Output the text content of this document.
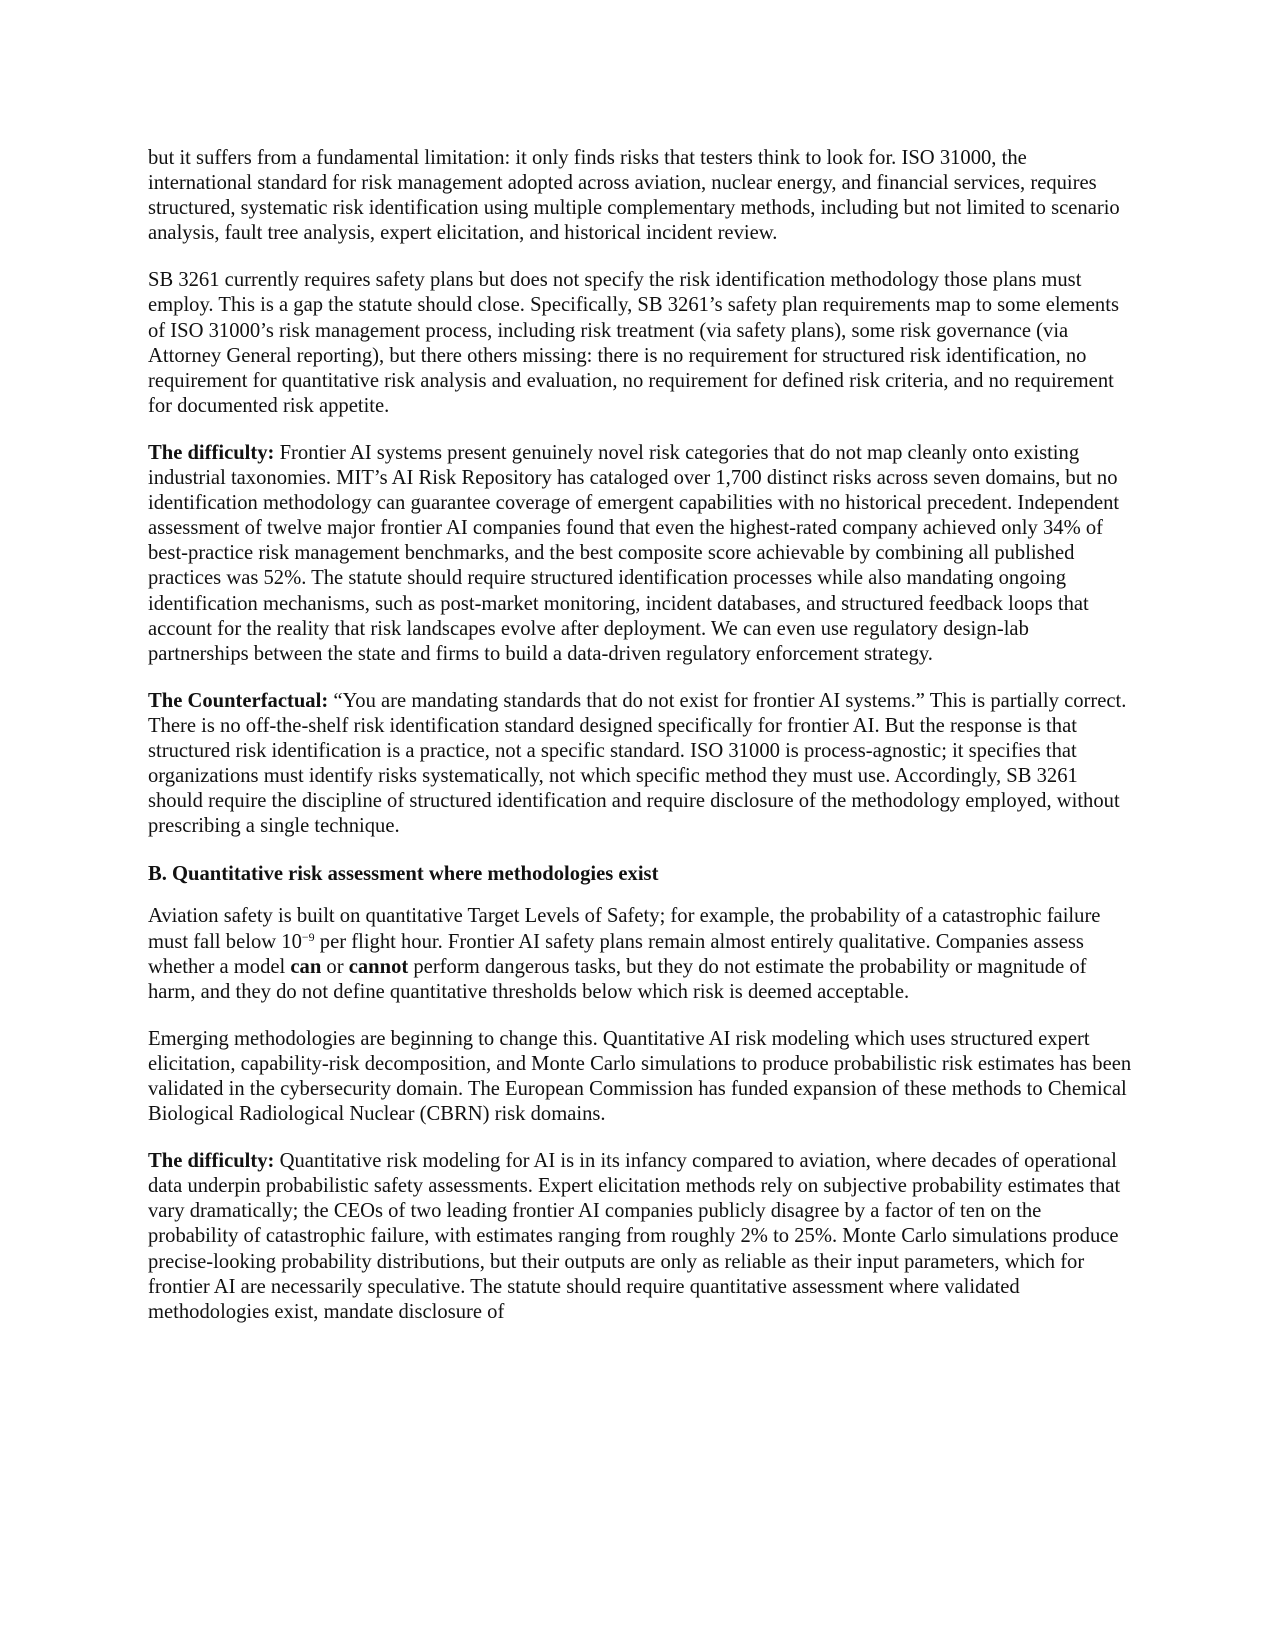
but it suffers from a fundamental limitation: it only finds risks that testers think to look for. ISO 31000, the international standard for risk management adopted across aviation, nuclear energy, and financial services, requires structured, systematic risk identification using multiple complementary methods, including but not limited to scenario analysis, fault tree analysis, expert elicitation, and historical incident review.

SB 3261 currently requires safety plans but does not specify the risk identification methodology those plans must employ. This is a gap the statute should close. Specifically, SB 3261’s safety plan requirements map to some elements of ISO 31000’s risk management process, including risk treatment (via safety plans), some risk governance (via Attorney General reporting), but there others missing: there is no requirement for structured risk identification, no requirement for quantitative risk analysis and evaluation, no requirement for defined risk criteria, and no requirement for documented risk appetite.

The difficulty: Frontier AI systems present genuinely novel risk categories that do not map cleanly onto existing industrial taxonomies. MIT’s AI Risk Repository has cataloged over 1,700 distinct risks across seven domains, but no identification methodology can guarantee coverage of emergent capabilities with no historical precedent. Independent assessment of twelve major frontier AI companies found that even the highest-rated company achieved only 34% of best-practice risk management benchmarks, and the best composite score achievable by combining all published practices was 52%. The statute should require structured identification processes while also mandating ongoing identification mechanisms, such as post-market monitoring, incident databases, and structured feedback loops that account for the reality that risk landscapes evolve after deployment. We can even use regulatory design-lab partnerships between the state and firms to build a data-driven regulatory enforcement strategy.

The Counterfactual: “You are mandating standards that do not exist for frontier AI systems.” This is partially correct. There is no off-the-shelf risk identification standard designed specifically for frontier AI. But the response is that structured risk identification is a practice, not a specific standard. ISO 31000 is process-agnostic; it specifies that organizations must identify risks systematically, not which specific method they must use. Accordingly, SB 3261 should require the discipline of structured identification and require disclosure of the methodology employed, without prescribing a single technique.

B. Quantitative risk assessment where methodologies exist

Aviation safety is built on quantitative Target Levels of Safety; for example, the probability of a catastrophic failure must fall below $10^{-9}$ per flight hour. Frontier AI safety plans remain almost entirely qualitative. Companies assess whether a model can or cannot perform dangerous tasks, but they do not estimate the probability or magnitude of harm, and they do not define quantitative thresholds below which risk is deemed acceptable.

Emerging methodologies are beginning to change this. Quantitative AI risk modeling which uses structured expert elicitation, capability-risk decomposition, and Monte Carlo simulations to produce probabilistic risk estimates has been validated in the cybersecurity domain. The European Commission has funded expansion of these methods to Chemical Biological Radiological Nuclear (CBRN) risk domains.

The difficulty: Quantitative risk modeling for AI is in its infancy compared to aviation, where decades of operational data underpin probabilistic safety assessments. Expert elicitation methods rely on subjective probability estimates that vary dramatically; the CEOs of two leading frontier AI companies publicly disagree by a factor of ten on the probability of catastrophic failure, with estimates ranging from roughly 2% to 25%. Monte Carlo simulations produce precise-looking probability distributions, but their outputs are only as reliable as their input parameters, which for frontier AI are necessarily speculative. The statute should require quantitative assessment where validated methodologies exist, mandate disclosure of
